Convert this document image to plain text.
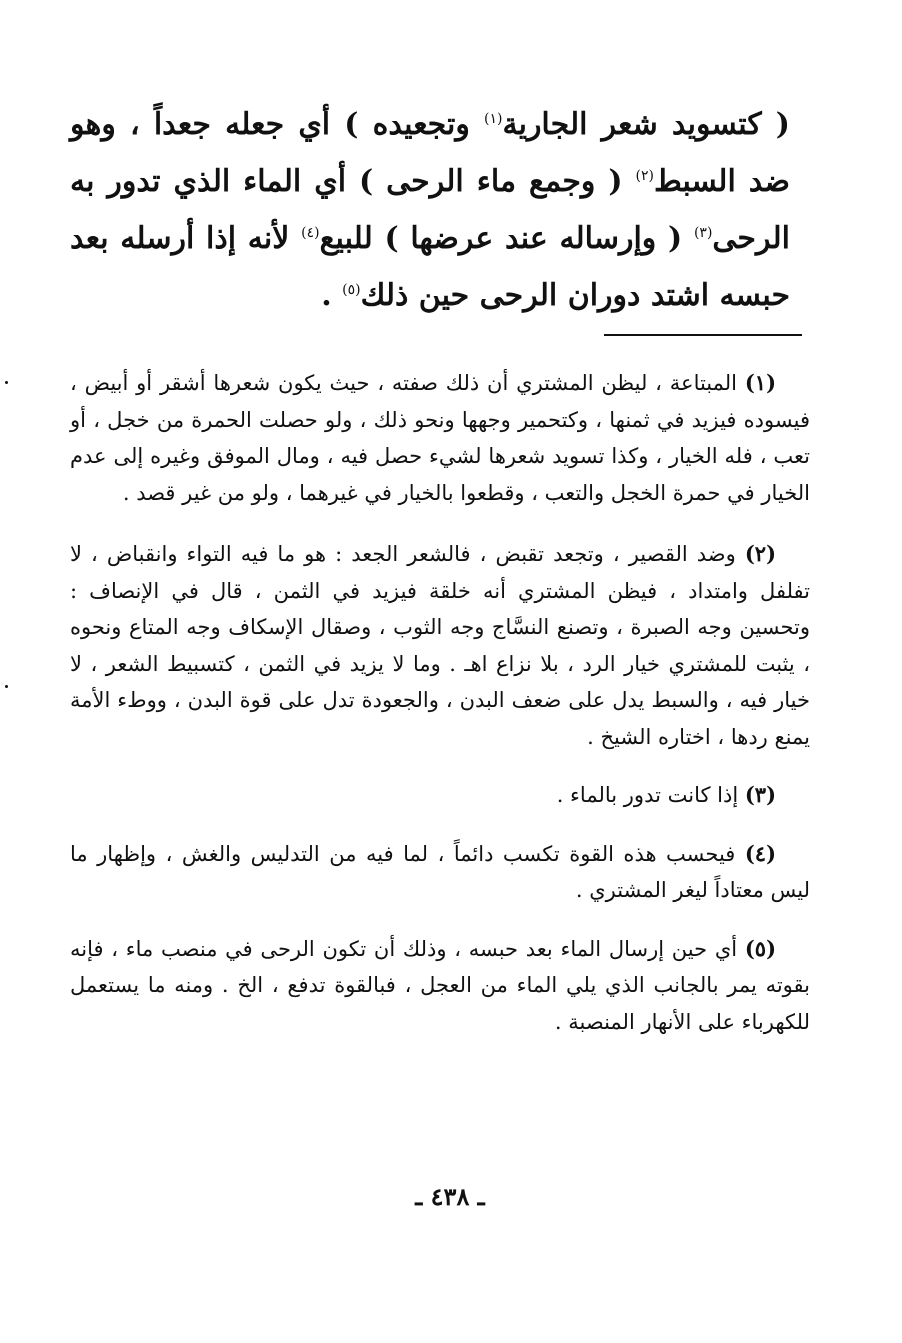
( كتسويد شعر الجارية$^{(١)}$ وتجعيده ) أي جعله جعداً ، وهو ضد السبط$^{(٢)}$ ( وجمع ماء الرحى ) أي الماء الذي تدور به الرحى$^{(٣)}$ ( وإرساله عند عرضها ) للبيع$^{(٤)}$ لأنه إذا أرسله بعد حبسه اشتد دوران الرحى حين ذلك$^{(٥)}$ .

(١) المبتاعة ، ليظن المشتري أن ذلك صفته ، حيث يكون شعرها أشقر أو أبيض ، فيسوده فيزيد في ثمنها ، وكتحمير وجهها ونحو ذلك ، ولو حصلت الحمرة من خجل ، أو تعب ، فله الخيار ، وكذا تسويد شعرها لشيء حصل فيه ، ومال الموفق وغيره إلى عدم الخيار في حمرة الخجل والتعب ، وقطعوا بالخيار في غيرهما ، ولو من غير قصد .

(٢) وضد القصير ، وتجعد تقبض ، فالشعر الجعد : هو ما فيه التواء وانقباض ، لا تفلفل وامتداد ، فيظن المشتري أنه خلقة فيزيد في الثمن ، قال في الإنصاف : وتحسين وجه الصبرة ، وتصنع النسَّاج وجه الثوب ، وصقال الإسكاف وجه المتاع ونحوه ، يثبت للمشتري خيار الرد ، بلا نزاع اهـ . وما لا يزيد في الثمن ، كتسبيط الشعر ، لا خيار فيه ، والسبط يدل على ضعف البدن ، والجعودة تدل على قوة البدن ، ووطء الأمة يمنع ردها ، اختاره الشيخ .

(٣) إذا كانت تدور بالماء .

(٤) فيحسب هذه القوة تكسب دائماً ، لما فيه من التدليس والغش ، وإظهار ما ليس معتاداً ليغر المشتري .

(٥) أي حين إرسال الماء بعد حبسه ، وذلك أن تكون الرحى في منصب ماء ، فإنه بقوته يمر بالجانب الذي يلي الماء من العجل ، فبالقوة تدفع ، الخ . ومنه ما يستعمل للكهرباء على الأنهار المنصبة .

ـ ٤٣٨ ـ
